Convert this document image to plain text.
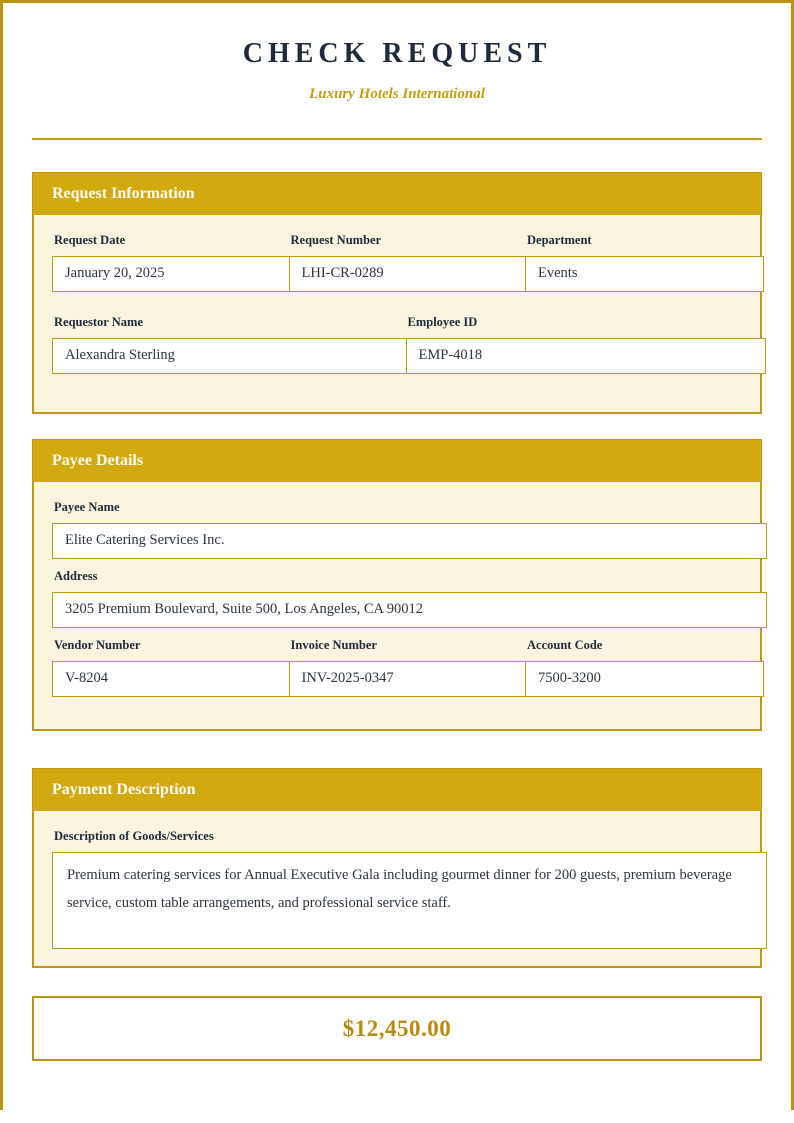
CHECK REQUEST
Luxury Hotels International
Request Information
Request Date
January 20, 2025
Request Number
LHI-CR-0289
Department
Events
Requestor Name
Alexandra Sterling
Employee ID
EMP-4018
Payee Details
Payee Name
Elite Catering Services Inc.
Address
3205 Premium Boulevard, Suite 500, Los Angeles, CA 90012
Vendor Number
V-8204
Invoice Number
INV-2025-0347
Account Code
7500-3200
Payment Description
Description of Goods/Services
Premium catering services for Annual Executive Gala including gourmet dinner for 200 guests, premium beverage service, custom table arrangements, and professional service staff.
$12,450.00
